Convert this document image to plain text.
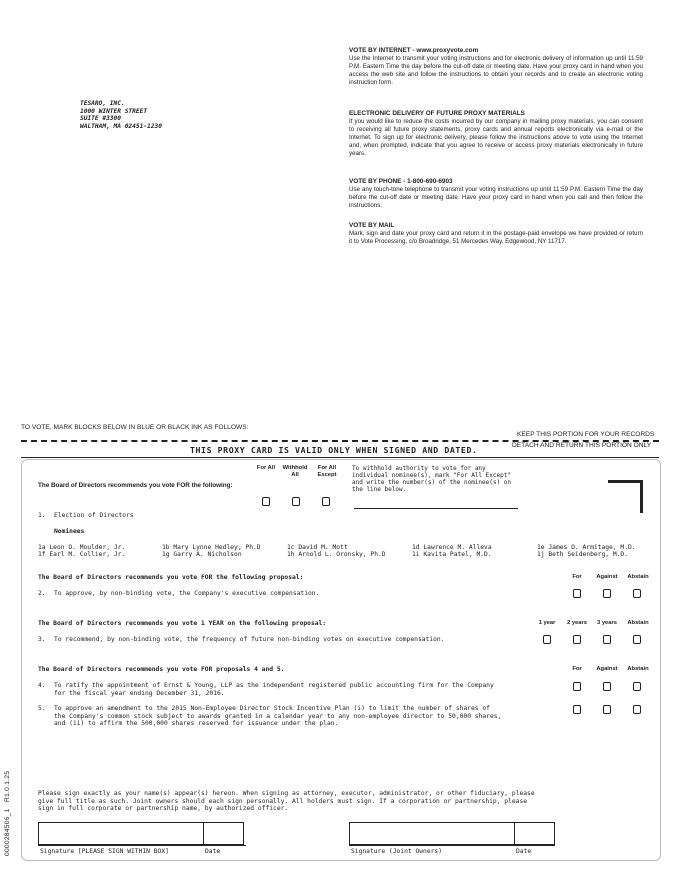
TESARO, INC.
1000 WINTER STREET
SUITE #3300
WALTHAM, MA 02451-1230
VOTE BY INTERNET - www.proxyvote.com
Use the Internet to transmit your voting instructions and for electronic delivery of information up until 11:59 P.M. Eastern Time the day before the cut-off date or meeting date. Have your proxy card in hand when you access the web site and follow the instructions to obtain your records and to create an electronic voting instruction form.
ELECTRONIC DELIVERY OF FUTURE PROXY MATERIALS
If you would like to reduce the costs incurred by our company in mailing proxy materials, you can consent to receiving all future proxy statements, proxy cards and annual reports electronically via e-mail or the Internet. To sign up for electronic delivery, please follow the instructions above to vote using the Internet and, when prompted, indicate that you agree to receive or access proxy materials electronically in future years.
VOTE BY PHONE - 1-800-690-6903
Use any touch-tone telephone to transmit your voting instructions up until 11:59 P.M. Eastern Time the day before the cut-off date or meeting date. Have your proxy card in hand when you call and then follow the instructions.
VOTE BY MAIL
Mark, sign and date your proxy card and return it in the postage-paid envelope we have provided or return it to Vote Processing, c/o Broadridge, 51 Mercedes Way, Edgewood, NY 11717.
TO VOTE, MARK BLOCKS BELOW IN BLUE OR BLACK INK AS FOLLOWS:
KEEP THIS PORTION FOR YOUR RECORDS
THIS PROXY CARD IS VALID ONLY WHEN SIGNED AND DATED.	DETACH AND RETURN THIS PORTION ONLY
0000284506_1   R1.0.1.25
The Board of Directors recommends you vote FOR the following:
For All	Withhold All
For All Except
To withhold authority to vote for any individual nominee(s), mark "For All Except" and write the number(s) of the nominee(s) on the line below.
1. Election of Directors
Nominees
1a Leon O. Moulder, Jr.	1b Mary Lynne Hedley, Ph.D	1c David M. Mott	1d Lawrence M. Alleva	1e James O. Armitage, M.D.
1f Earl M. Collier, Jr.	1g Garry A. Nicholson	1h Arnold L. Oronsky, Ph.D	1i Kavita Patel, M.D.	1j Beth Seidenberg, M.D.
The Board of Directors recommends you vote FOR the following proposal:	For	Against	Abstain
2. To approve, by non-binding vote, the Company's executive compensation.
The Board of Directors recommends you vote 1 YEAR on the following proposal:	1 year	2 years	3 years	Abstain
3. To recommend, by non-binding vote, the frequency of future non-binding votes on executive compensation.
The Board of Directors recommends you vote FOR proposals 4 and 5.	For	Against	Abstain
4. To ratify the appointment of Ernst & Young, LLP as the independent registered public accounting firm for the Company for the fiscal year ending December 31, 2016.
5. To approve an amendment to the 2015 Non-Employee Director Stock Incentive Plan (i) to limit the number of shares of the Company's common stock subject to awards granted in a calendar year to any non-employee director to 50,000 shares, and (ii) to affirm the 500,000 shares reserved for issuance under the plan.
Please sign exactly as your name(s) appear(s) hereon. When signing as attorney, executor, administrator, or other fiduciary, please give full title as such. Joint owners should each sign personally. All holders must sign. If a corporation or partnership, please sign in full corporate or partnership name, by authorized officer.
Signature [PLEASE SIGN WITHIN BOX]	Date	Signature (Joint Owners)	Date
